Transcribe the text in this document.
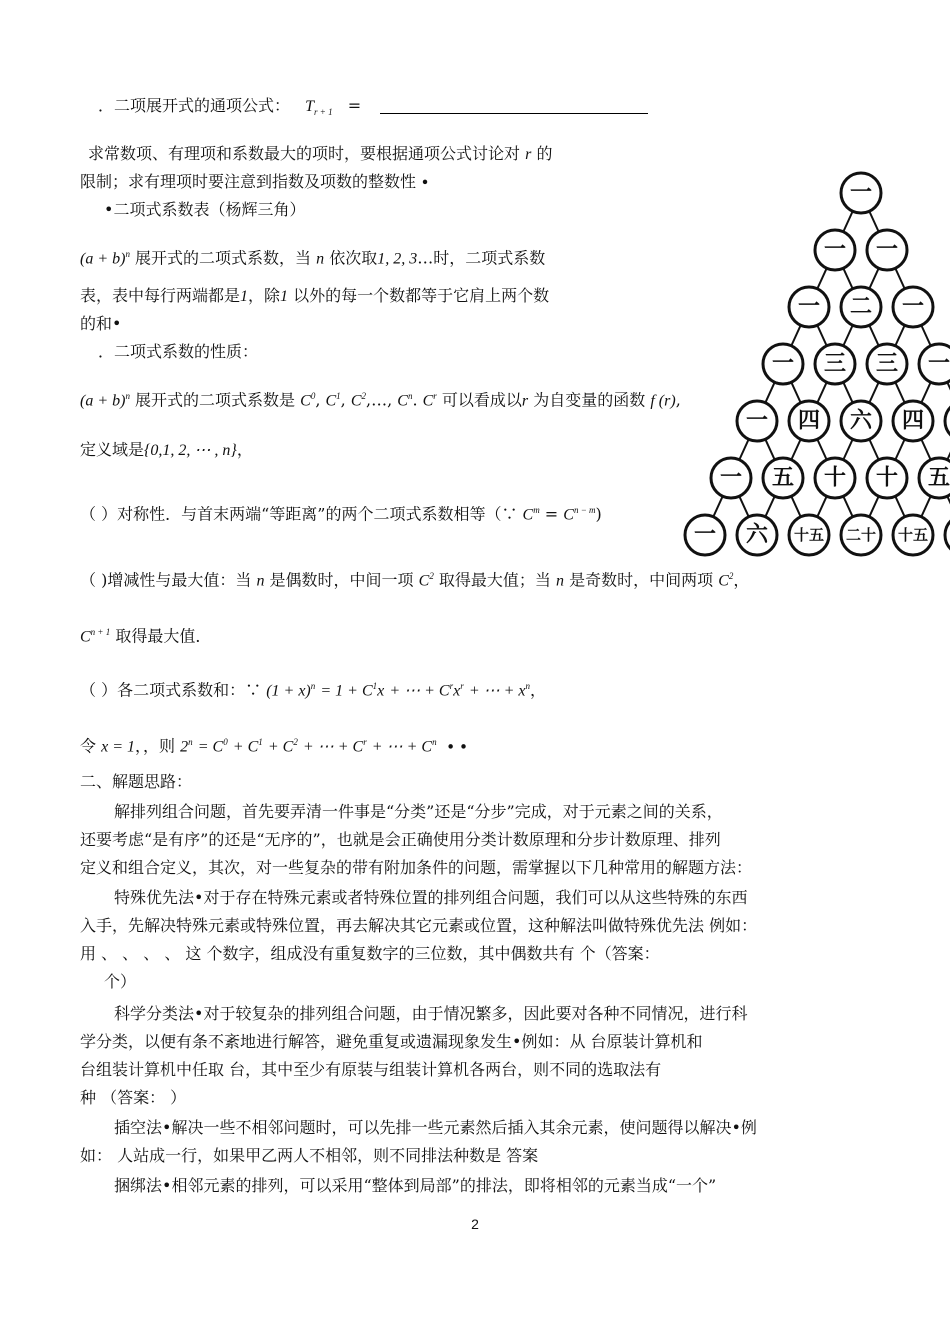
．二项展开式的通项公式： $T_{r + 1}$ =
求常数项、有理项和系数最大的项时，要根据通项公式讨论对 r 的
限制；求有理项时要注意到指数及项数的整数性 ∙
•二项式系数表（杨辉三角）
$(a + b)^n$ 展开式的二项式系数，当 n 依次取1, 2, 3…时，二项式系数
表，表中每行两端都是1，除1 以外的每一个数都等于它肩上两个数
的和•
．二项式系数的性质：
$(a + b)^n$ 展开式的二项式系数是 $C^0$, $C^1$, $C^2,\dots$, $C^n$. $C^r$ 可以看成以r 为自变量的函数 f (r),
定义域是{0,1, 2, ⋯ , n}，
（ ）对称性．与首末两端“等距离”的两个二项式系数相等（∵ $C^m = C^{n - m}$)
（ )增减性与最大值：当 n 是偶数时，中间一项 $C^2$ 取得最大值；当 n 是奇数时，中间两项 $C^2$，
$C^{n + 1}$ 取得最大值．
（ ）各二项式系数和：∵ $(1 + x)^n = 1 + C^1x$ + ⋯ + $C^rx^r$ + ⋯ + $x^n$，
令 x = 1，，则 $2^n = C^0 + C^1 + C^2$ + ⋯ + $C^r$ + ⋯ + $C^n$  ∙ ∙
二、解题思路：
解排列组合问题，首先要弄清一件事是“分类”还是“分步”完成，对于元素之间的关系，
还要考虑“是有序”的还是“无序的”，也就是会正确使用分类计数原理和分步计数原理、排列
定义和组合定义，其次，对一些复杂的带有附加条件的问题，需掌握以下几种常用的解题方法：
特殊优先法•对于存在特殊元素或者特殊位置的排列组合问题，我们可以从这些特殊的东西
入手，先解决特殊元素或特殊位置，再去解决其它元素或位置，这种解法叫做特殊优先法 例如：
用 、 、 、 、 这 个数字，组成没有重复数字的三位数，其中偶数共有 个（答案：
个）
科学分类法•对于较复杂的排列组合问题，由于情况繁多，因此要对各种不同情况，进行科
学分类，以便有条不紊地进行解答，避免重复或遗漏现象发生•例如：从 台原装计算机和
台组装计算机中任取 台，其中至少有原装与组装计算机各两台，则不同的选取法有
种 （答案： ）
插空法•解决一些不相邻问题时，可以先排一些元素然后插入其余元素，使问题得以解决•例
如： 人站成一行，如果甲乙两人不相邻，则不同排法种数是 答案
捆绑法•相邻元素的排列，可以采用“整体到局部”的排法，即将相邻的元素当成“一个”
一
一 一
一 二 一
一 三 三 一
一 四 六 四
一 五 十 十 五
一 六 十五 二十 十五
2
